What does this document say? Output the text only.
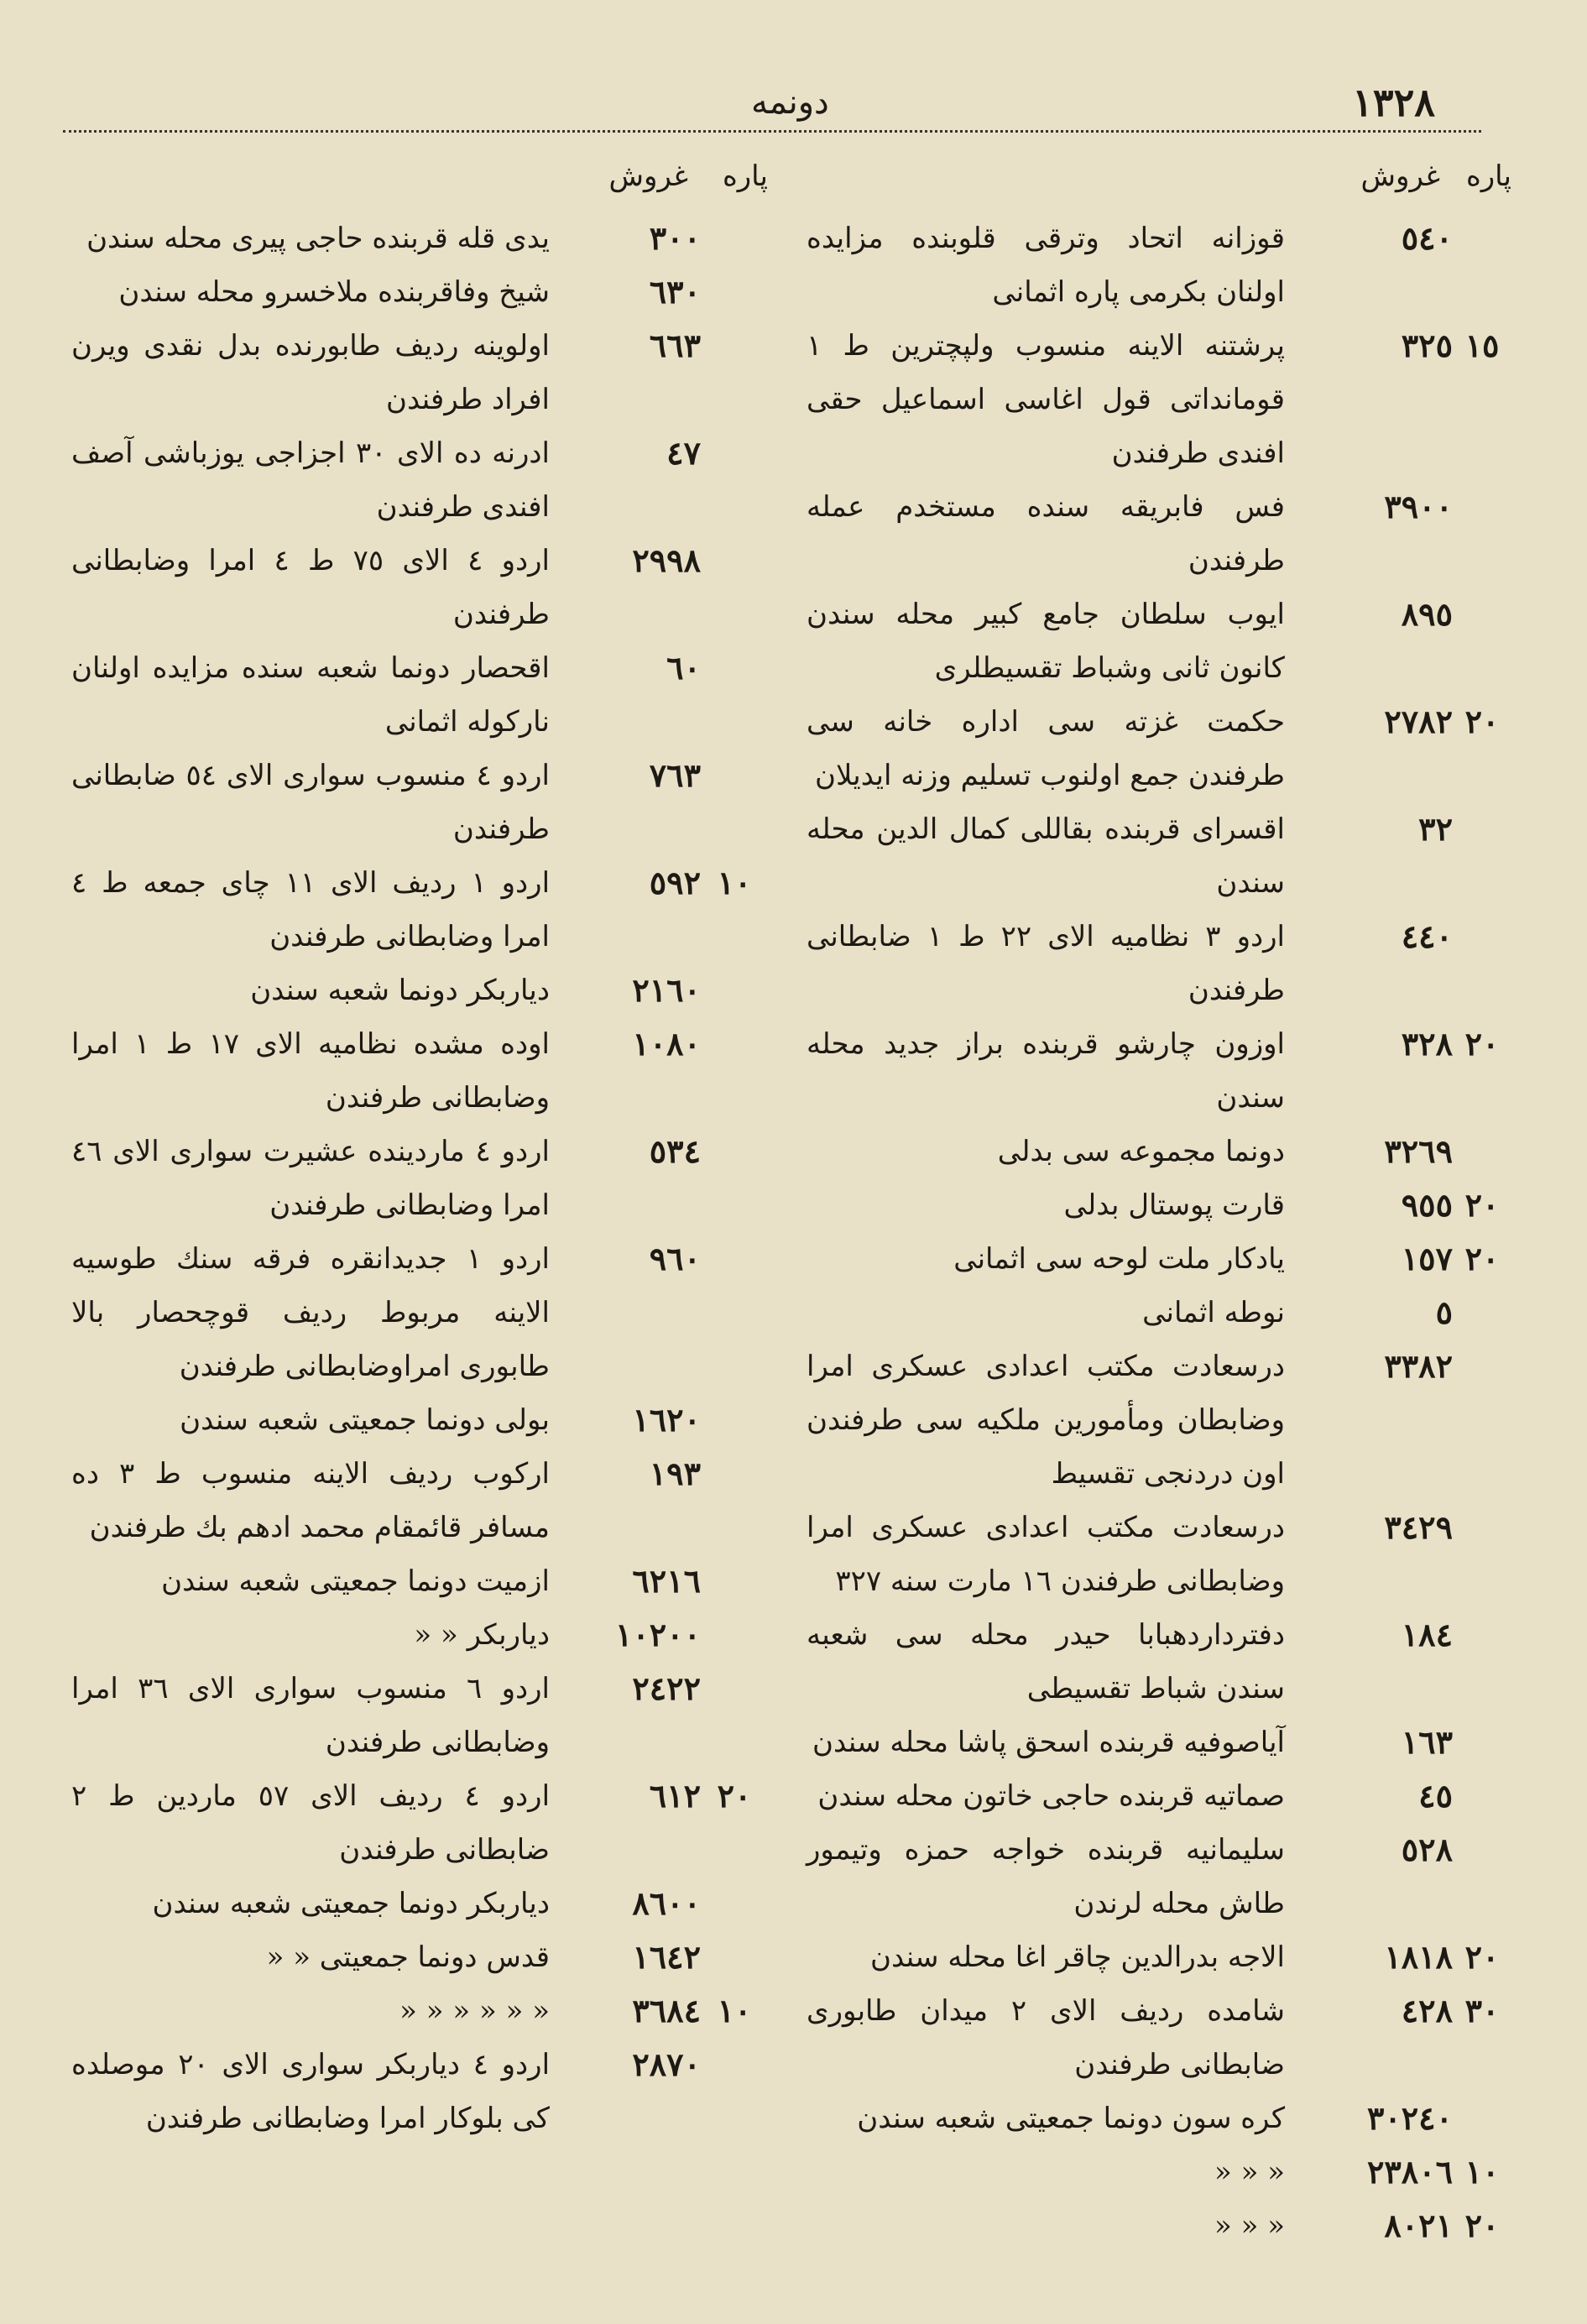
۱۳۲۸
دونمه
پاره
غروش
٥٤٠
قوزانه اتحاد وترقی قلوبنده مزایده اولنان بکرمی پاره اثمانی
١٥
٣٢٥
پرشتنه الاینه منسوب ولپچترین ط ١ قومانداتی قول اغاسی اسماعیل حقی افندی طرفندن
٣٩٠٠
فس فابریقه سنده مستخدم عمله طرفندن
٨٩٥
ایوب سلطان جامع کبیر محله سندن کانون ثانی وشباط تقسیطلری
٢٠
٢٧٨٢
حکمت غزته سی اداره خانه سی طرفندن جمع اولنوب تسلیم وزنه ایدیلان
٣٢
اقسرای قربنده بقاللی کمال الدین محله سندن
٤٤٠
اردو ٣ نظامیه الای ٢٢ ط ١ ضابطانی طرفندن
٢٠
٣٢٨
اوزون چارشو قربنده براز جدید محله سندن
٣٢٦٩
دونما مجموعه سی بدلی
٢٠
٩٥٥
قارت پوستال بدلی
٢٠
١٥٧
یادکار ملت لوحه سی اثمانی
٥
نوطه اثمانی
٣٣٨٢
درسعادت مکتب اعدادی عسکری امرا وضابطان ومأمورین ملکیه سی طرفندن اون دردنجی تقسیط
٣٤٢٩
درسعادت مکتب اعدادی عسکری امرا وضابطانی طرفندن ١٦ مارت سنه ٣٢٧
١٨٤
دفترداردهبابا حیدر محله سی شعبه سندن شباط تقسیطی
١٦٣
آیاصوفیه قربنده اسحق پاشا محله سندن
٤٥
صماتیه قربنده حاجی خاتون محله سندن
٥٢٨
سلیمانیه قربنده خواجه حمزه وتیمور طاش محله لرندن
٢٠
١٨١٨
الاجه بدرالدین چاقر اغا محله سندن
٣٠
٤٢٨
شامده ردیف الای ٢ میدان طابوری ضابطانی طرفندن
٣٠٢٤٠
کره سون دونما جمعیتی شعبه سندن
١٠
٢٣٨٠٦
« « «
٢٠
٨٠٢١
« « «
پاره
غروش
٣٠٠
یدی قله قربنده حاجی پیری محله سندن
٦٣٠
شیخ وفاقربنده ملاخسرو محله سندن
٦٦٣
اولوینه ردیف طابورنده بدل نقدی ویرن افراد طرفندن
٤٧
ادرنه ده الای ٣٠ اجزاجی یوزباشی آصف افندی طرفندن
٢٩٩٨
اردو ٤ الای ٧٥ ط ٤ امرا وضابطانی طرفندن
٦٠
اقحصار دونما شعبه سنده مزایده اولنان نارکوله اثمانی
٧٦٣
اردو ٤ منسوب سواری الای ٥٤ ضابطانی طرفندن
١٠
٥٩٢
اردو ١ ردیف الای ١١ چای جمعه ط ٤ امرا وضابطانی طرفندن
٢١٦٠
دیاربکر دونما شعبه سندن
١٠٨٠
اوده مشده نظامیه الای ١٧ ط ١ امرا وضابطانی طرفندن
٥٣٤
اردو ٤ ماردینده عشیرت سواری الای ٤٦ امرا وضابطانی طرفندن
٩٦٠
اردو ١ جدیدانقره فرقه سنك طوسیه الاینه مربوط ردیف قوچحصار بالا طابوری امراوضابطانی طرفندن
١٦٢٠
بولی دونما جمعیتی شعبه سندن
١٩٣
ارکوب ردیف الاینه منسوب ط ٣ ده مسافر قائمقام محمد ادهم بك طرفندن
٦٢١٦
ازمیت دونما جمعیتی شعبه سندن
١٠٢٠٠
دیاربکر « «
٢٤٢٢
اردو ٦ منسوب سواری الای ٣٦ امرا وضابطانی طرفندن
٢٠
٦١٢
اردو ٤ ردیف الای ٥٧ ماردین ط ٢ ضابطانی طرفندن
٨٦٠٠
دیاربکر دونما جمعیتی شعبه سندن
١٦٤٢
قدس دونما جمعیتی « «
١٠
٣٦٨٤
« « « « « «
٢٨٧٠
اردو ٤ دیاربکر سواری الای ٢٠ موصلده کی بلوکار امرا وضابطانی طرفندن
